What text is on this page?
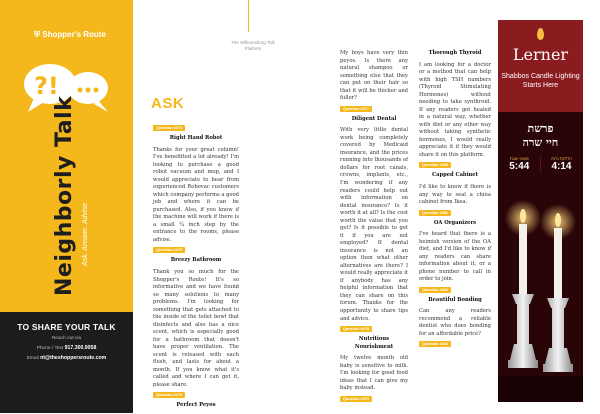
⛨ Shopper's Route
?!
Neighborly Talk Ask. Answer. Advise
TO SHARE YOUR TALK
Reach out via
Phone / Text 917.300.9058
Email nt@theshoppersroute.com
The Williamsburg Talk Platform
ASK
Question #474
Right Hand Robot

Thanks for your great column! I've benefitted a lot already! I'm looking to purchase a good robot vacuum and mop, and I would appreciate to hear from experienced Robovac customers which company performs a good job and where it can be purchased. Also, if you know if the machine will work if there is a small ¼ inch step by the entrance to the rooms, please advise.

Question #475
Breezy Bathroom

Thank you so much for the Shopper's Route! It's so informative and we have found so many solutions to many problems. I'm looking for something that gets attached to the inside of the toilet bowl that disinfects and also has a nice scent, which is especially good for a bathroom that doesn't have proper ventilation. The scent is released with each flush, and lasts for about a month. If you know what it's called and where I can get it, please share.

Question #476
Perfect Peyos

My boys have very thin peyos. Is there any natural shampoo or something else that they can put on their hair so that it will be thicker and fuller?

Question #477
Diligent Dental

With very little dental work being completely covered by Medicaid insurance, and the prices running into thousands of dollars for root canals, crowns, implants, etc., I'm wondering if any readers could help out with information on dental insurance? Is it worth it at all? Is the cost worth the value that you get? Is it possible to get it if you are not employed? If dental insurance is not an option then what other alternatives are there? I would really appreciate it if anybody has any helpful information that they can share on this forum. Thanks for the opportunity to share tips and advice.

Question #478
Nutritious Nourishment

My twelve month old baby is sensitive to milk. I'm looking for good food ideas that I can give my baby instead.

Question #479
Thorough Thyroid

I am looking for a doctor or a method that can help with high TSH numbers (Thyroid Stimulating Hormones) without needing to take synthroid. If any readers got healed in a natural way, whether with diet or any other way without taking synthetic hormones, I would really appreciate it if they would share it on this platform.

Question #480
Capped Cabinet

I'd like to know if there is any way to seal a china cabinet from Ikea.

Question #481
OA Organizers

I've heard that there is a heimish version of the OA diet, and I'd like to know if any readers can share information about it, or a phone number to call in order to join.

Question #482
Beautiful Bonding

Can any readers recommend a reliable dentist who does bonding for an affordable price?

Question #483
Lerner
Shabbos Candle Lighting Starts Here
פרשת
חיי שרה
מוצאי שבת
5:44
הדלקת נרות
4:14
